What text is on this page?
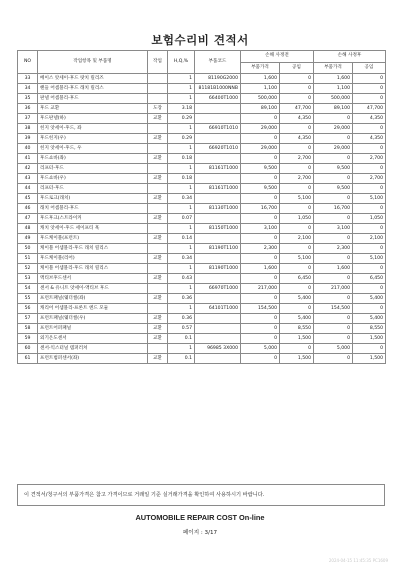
보험수리비 견적서
NO	작업항목 및 부품명	작업	H,Q,%	부품코드	손해 사정전		손해 사정후	
					부품가격	공임	부품가격	공임
33	베이스 앗세이-후드 랏치 릴리즈		1	81190G2000	1,600	0	1,600	0
34	핸들 어셈블리-후드 래치 릴리스		1	81181B1000NNB	1,100	0	1,100	0
35	판넬 어셈블리-후드		1	66400T1000	500,000	0	500,000	0
36	후드 교환	도장	3.18		89,100	47,700	89,100	47,700
37	후드판넬(하)	교환	0.29		0	4,350	0	4,350
38	힌지 앗세이-후드, 좌		1	66910T1010	29,000	0	29,000	0
39	후드힌지(우)	교환	0.29		0	4,350	0	4,350
40	힌지 앗세이-후드, 우		1	66920T1010	29,000	0	29,000	0
41	후드쇼바(좌)	교환	0.18		0	2,700	0	2,700
42	리프터-후드		1	81161T1000	9,500	0	9,500	0
43	후드쇼바(우)	교환	0.18		0	2,700	0	2,700
44	리프터-후드		1	81161T1000	9,500	0	9,500	0
45	후드로크(래치)	교환	0.34		0	5,100	0	5,100
46	래치 어셈블리-후드		1	81130T1000	16,700	0	16,700	0
47	후드후크(스트라이커	교환	0.07		0	1,050	0	1,050
48	캐치 앗세이-후드 세이프티 훅		1	81150T1000	3,100	0	3,100	0
49	후드케이블(프런트)	교환	0.14		0	2,100	0	2,100
50	케이블 어셈블리-후드 래치 릴리스		1	81190T1100	2,300	0	2,300	0
51	후드케이블(리어)	교환	0.34		0	5,100	0	5,100
52	케이블 어셈블리-후드 래치 릴리스		1	81190T1000	1,600	0	1,600	0
53	액티브후드센서	교환	0.43		0	6,450	0	6,450
54	센서 & 유니트 앗세이-액티브 후드		1	66970T1000	217,000	0	217,000	0
55	프런트패널(웨더씰(좌)	교환	0.36		0	5,400	0	5,400
56	캐리어 어셈블리-프론트 엔드 모듈		1	64101T1000	154,500	0	154,500	0
57	프런트패널(웨더씰(우)	교환	0.36		0	5,400	0	5,400
58	프런트어퍼패널	교환	0.57		0	8,550	0	8,550
59	외기온도센서	교환	0.1		0	1,500	0	1,500
60	센서-익스터널 템퍼러쳐		1	96985 3X000	5,000	0	5,000	0
61	프런트범퍼센서(좌)	교환	0.1		0	1,500	0	1,500
이 견적서/청구서의 부품가격은 참고 가격이므로 거래일 기준 실거래가격을 확인하여 사용하시기 바랍니다.
AUTOMOBILE REPAIR COST On-line
페이지 : 3/17
2024-04-15 11:45:35 PC1609
